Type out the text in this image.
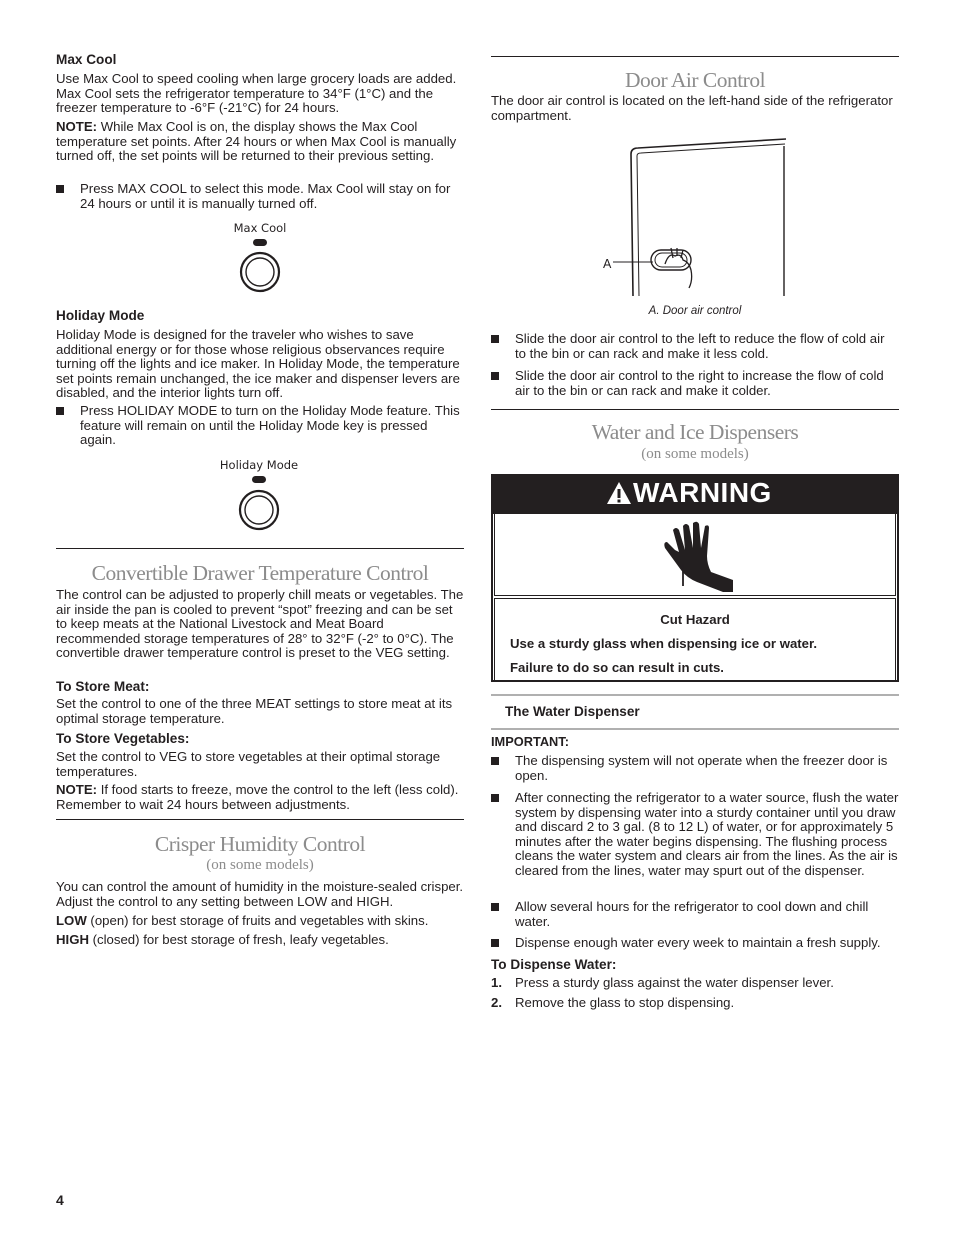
Max Cool

Use Max Cool to speed cooling when large grocery loads are added. Max Cool sets the refrigerator temperature to 34°F (1°C) and the freezer temperature to -6°F (-21°C) for 24 hours.

NOTE: While Max Cool is on, the display shows the Max Cool temperature set points. After 24 hours or when Max Cool is manually turned off, the set points will be returned to their previous setting.

Press MAX COOL to select this mode. Max Cool will stay on for 24 hours or until it is manually turned off.

Max Cool

Holiday Mode

Holiday Mode is designed for the traveler who wishes to save additional energy or for those whose religious observances require turning off the lights and ice maker. In Holiday Mode, the temperature set points remain unchanged, the ice maker and dispenser levers are disabled, and the interior lights turn off.

Press HOLIDAY MODE to turn on the Holiday Mode feature. This feature will remain on until the Holiday Mode key is pressed again.

Holiday Mode

Convertible Drawer Temperature Control

The control can be adjusted to properly chill meats or vegetables. The air inside the pan is cooled to prevent “spot” freezing and can be set to keep meats at the National Livestock and Meat Board recommended storage temperatures of 28° to 32°F (-2° to 0°C). The convertible drawer temperature control is preset to the VEG setting.

To Store Meat:

Set the control to one of the three MEAT settings to store meat at its optimal storage temperature.

To Store Vegetables:

Set the control to VEG to store vegetables at their optimal storage temperatures.

NOTE: If food starts to freeze, move the control to the left (less cold). Remember to wait 24 hours between adjustments.

Crisper Humidity Control

(on some models)

You can control the amount of humidity in the moisture-sealed crisper. Adjust the control to any setting between LOW and HIGH.

LOW (open) for best storage of fruits and vegetables with skins.

HIGH (closed) for best storage of fresh, leafy vegetables.

Door Air Control

The door air control is located on the left-hand side of the refrigerator compartment.

A

A. Door air control

Slide the door air control to the left to reduce the flow of cold air to the bin or can rack and make it less cold.

Slide the door air control to the right to increase the flow of cold air to the bin or can rack and make it colder.

Water and Ice Dispensers

(on some models)

WARNING

Cut Hazard

Use a sturdy glass when dispensing ice or water.

Failure to do so can result in cuts.

The Water Dispenser

IMPORTANT:

The dispensing system will not operate when the freezer door is open.

After connecting the refrigerator to a water source, flush the water system by dispensing water into a sturdy container until you draw and discard 2 to 3 gal. (8 to 12 L) of water, or for approximately 5 minutes after the water begins dispensing. The flushing process cleans the water system and clears air from the lines. As the air is cleared from the lines, water may spurt out of the dispenser.

Allow several hours for the refrigerator to cool down and chill water.

Dispense enough water every week to maintain a fresh supply.

To Dispense Water:

1. Press a sturdy glass against the water dispenser lever.
2. Remove the glass to stop dispensing.
4
